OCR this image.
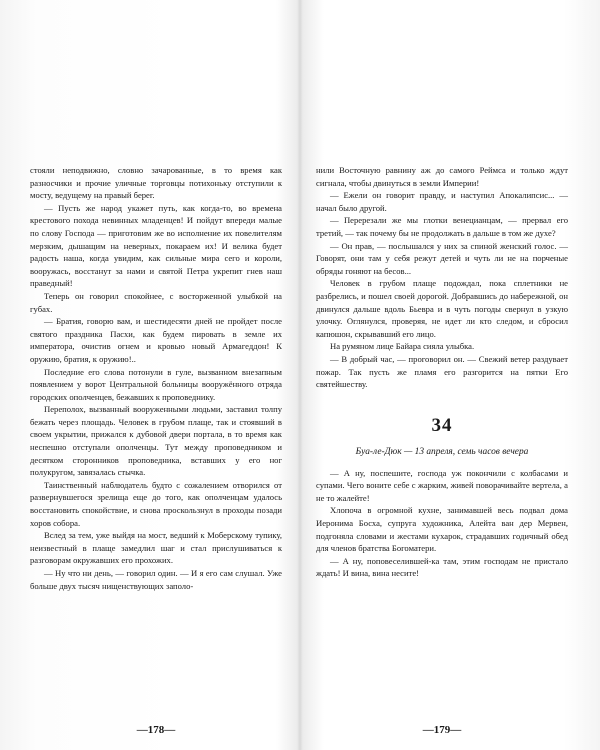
стояли неподвижно, словно зачарованные, в то время как разносчики и прочие уличные торговцы потихоньку отступили к мосту, ведущему на правый берег.

— Пусть же народ укажет путь, как когда-то, во времена крестового похода невинных младенцев! И пойдут впереди малые по слову Господа — приготовим же во исполнение их повелителям мерзким, дышащим на неверных, покараем их! И велика будет радость наша, когда увидим, как сильные мира сего и короли, вооружась, восстанут за нами и святой Петра укрепит гнев наш праведный!

Теперь он говорил спокойнее, с восторженной улыбкой на губах.

— Братия, говорю вам, и шестидесяти дней не пройдет после святого праздника Пасхи, как будем пировать в земле их императора, очистив огнем и кровью новый Армагеддон! К оружию, братия, к оружию!..

Последние его слова потонули в гуле, вызванном внезапным появлением у ворот Центральной больницы вооружённого отряда городских ополченцев, бежавших к проповеднику.

Переполох, вызванный вооруженными людьми, заставил толпу бежать через площадь. Человек в грубом плаще, так и стоявший в своем укрытии, прижался к дубовой двери портала, в то время как неспешно отступали ополченцы. Тут между проповедником и десятком сторонников проповедника, вставших у его ног полукругом, завязалась стычка.

Таинственный наблюдатель будто с сожалением отворился от развернувшегося зрелища еще до того, как ополченцам удалось восстановить спокойствие, и снова проскользнул в проходы позади хоров собора.

Вслед за тем, уже выйдя на мост, ведший к Моберскому тупику, неизвестный в плаще замедлил шаг и стал прислушиваться к разговорам окружавших его прохожих.

— Ну что ни день, — говорил один. — И я его сам слушал. Уже больше двух тысяч нищенствующих заполо-

—178—

нили Восточную равнину аж до самого Реймса и только ждут сигнала, чтобы двинуться в земли Империи!

— Ежели он говорит правду, и наступил Апокалипсис... — начал было другой.

— Перерезали же мы глотки венецианцам, — прервал его третий, — так почему бы не продолжать в дальше в том же духе?

— Он прав, — послышался у них за спиной женский голос. — Говорят, они там у себя режут детей и чуть ли не на порченые обряды гоняют на бесов...

Человек в грубом плаще подождал, пока сплетники не разбрелись, и пошел своей дорогой. Добравшись до набережной, он двинулся дальше вдоль Бьевра и в чуть погоды свернул в узкую улочку. Оглянулся, проверяя, не идет ли кто следом, и сбросил капюшон, скрывавший его лицо.

На румяном лице Байара сияла улыбка.

— В добрый час, — проговорил он. — Свежий ветер раздувает пожар. Так пусть же пламя его разгорится на пятки Его святейшеству.

34
Буа-ле-Дюк — 13 апреля, семь часов вечера

— А ну, поспешите, господа уж покончили с колбасами и супами. Чего воните себе с жарким, живей поворачивайте вертела, а не то жалейте!

Хлопоча в огромной кухне, занимавшей весь подвал дома Иеронима Босха, супруга художника, Алейта ван дер Мервен, подгоняла словами и жестами кухарок, страдавших годичный обед для членов братства Богоматери.

— А ну, поповеселившей-ка там, этим господам не пристало ждать! И вина, вина несите!

—179—
